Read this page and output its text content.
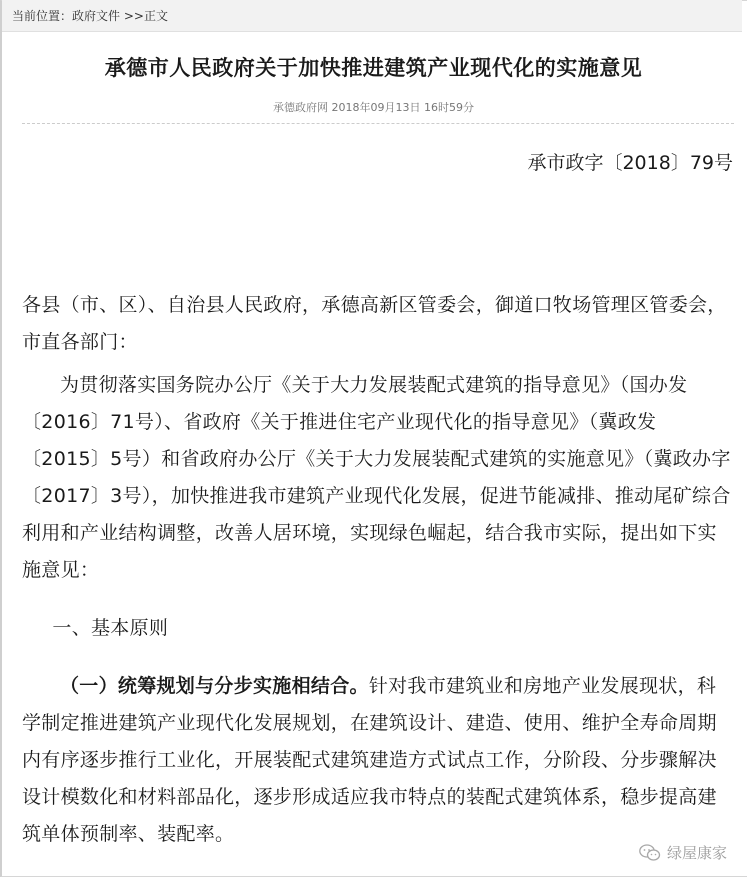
当前位置： 政府文件 >> 正文
承德市人民政府关于加快推进建筑产业现代化的实施意见
承德政府网 2018年09月13日 16时59分
承市政字〔2018〕79号

各县（市、区）、自治县人民政府，承德高新区管委会，御道口牧场管理区管委会，市直各部门：

为贯彻落实国务院办公厅《关于大力发展装配式建筑的指导意见》（国办发〔2016〕71号）、省政府《关于推进住宅产业现代化的指导意见》（冀政发〔2015〕5号）和省政府办公厅《关于大力发展装配式建筑的实施意见》（冀政办字〔2017〕3号），加快推进我市建筑产业现代化发展，促进节能减排、推动尾矿综合利用和产业结构调整，改善人居环境，实现绿色崛起，结合我市实际，提出如下实施意见：

一、基本原则

（一）统筹规划与分步实施相结合。针对我市建筑业和房地产业发展现状，科学制定推进建筑产业现代化发展规划，在建筑设计、建造、使用、维护全寿命周期内有序逐步推行工业化，开展装配式建筑建造方式试点工作，分阶段、分步骤解决设计模数化和材料部品化，逐步形成适应我市特点的装配式建筑体系，稳步提高建筑单体预制率、装配率。

绿屋康家
